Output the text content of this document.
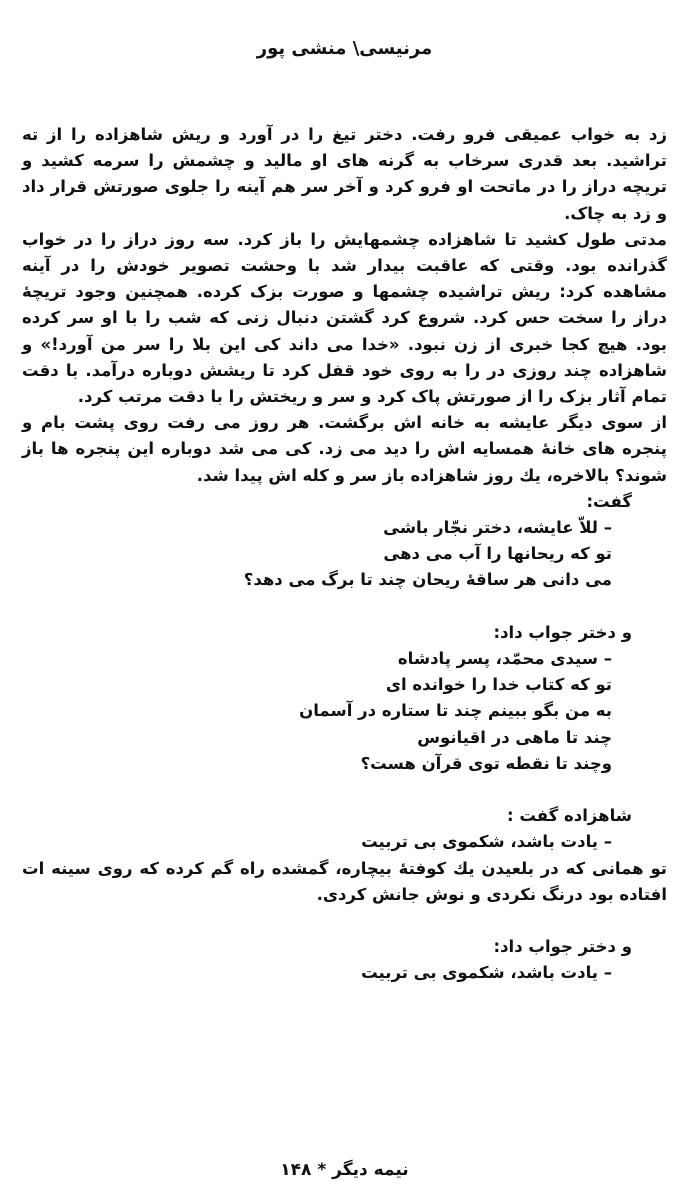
مرنیسی\ منشی پور

زد به خواب عمیقی فرو رفت. دختر تیغ را در آورد و ریش شاهزاده را از ته تراشید. بعد قدری سرخاب به گرنه های او مالید و چشمش را سرمه کشید و تریچه دراز را در ماتحت او فرو کرد و آخر سر هم آینه را جلوی صورتش قرار داد و زد به چاک.

مدتی طول کشید تا شاهزاده چشمهایش را باز کرد. سه روز دراز را در خواب گذرانده بود. وقتی که عاقبت بیدار شد با وحشت تصویر خودش را در آینه مشاهده کرد: ریش تراشیده چشمها و صورت بزک کرده. همچنین وجود تریچهٔ دراز را سخت حس کرد. شروع کرد گشتن دنبال زنی که شب را با او سر کرده بود. هیچ کجا خبری از زن نبود. «خدا می داند کی این بلا را سر من آورد!» و شاهزاده چند روزی در را به روی خود قفل کرد تا ریشش دوباره درآمد. با دقت تمام آثار بزک را از صورتش پاک کرد و سر و ریختش را با دقت مرتب کرد.

از سوی دیگر عایشه به خانه اش برگشت. هر روز می رفت روی پشت بام و پنجره های خانهٔ همسایه اش را دید می زد. کی می شد دوباره این پنجره ها باز شوند؟ بالاخره، یك روز شاهزاده باز سر و كله اش پیدا شد.

گفت:

– للاّ عایشه، دختر نجّار باشی

تو که ریحانها را آب می دهی

می دانی هر ساقهٔ ریحان چند تا برگ می دهد؟

و دختر جواب داد:

– سیدی محمّد، پسر پادشاه

تو که کتاب خدا را خوانده ای

به من بگو ببینم چند تا ستاره در آسمان

چند تا ماهی در اقیانوس

وچند تا نقطه توی قرآن هست؟

شاهزاده گفت :

– یادت باشد، شکموی بی تربیت

تو همانی كه در بلعیدن یك كوفتهٔ بیچاره، گمشده راه گم كرده كه روی سینه ات افتاده بود درنگ نكردی و نوش جانش كردی.

و دختر جواب داد:

– یادت باشد، شکموی بی تربیت

نیمه دیگر * ۱۴۸
